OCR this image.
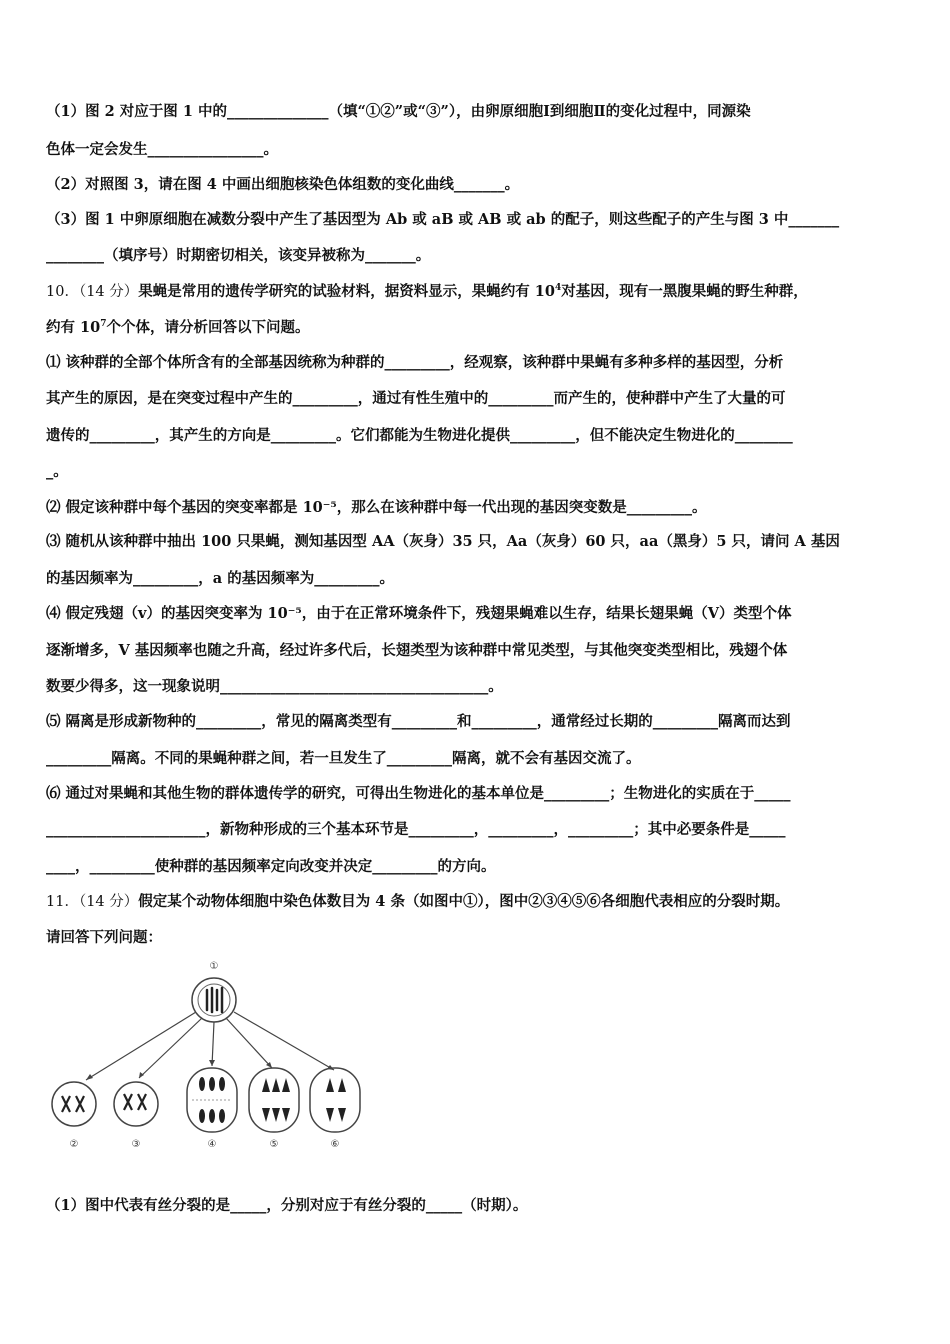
（1）图 2 对应于图 1 中的______________（填“①②”或“③”），由卵原细胞Ⅰ到细胞Ⅱ的变化过程中，同源染
色体一定会发生________________。
（2）对照图 3，请在图 4 中画出细胞核染色体组数的变化曲线_______。
（3）图 1 中卵原细胞在减数分裂中产生了基因型为 Ab 或 aB 或 AB 或 ab 的配子，则这些配子的产生与图 3 中_______
________（填序号）时期密切相关，该变异被称为_______。
10．（14 分）果蝇是常用的遗传学研究的试验材料，据资料显示，果蝇约有 $10^4$对基因，现有一黑腹果蝇的野生种群，
约有 $10^7$个个体，请分析回答以下问题。
⑴ 该种群的全部个体所含有的全部基因统称为种群的_________，经观察，该种群中果蝇有多种多样的基因型，分析
其产生的原因，是在突变过程中产生的_________，通过有性生殖中的_________而产生的，使种群中产生了大量的可
遗传的_________，其产生的方向是_________。它们都能为生物进化提供_________，但不能决定生物进化的________
_。
⑵ 假定该种群中每个基因的突变率都是 10⁻⁵，那么在该种群中每一代出现的基因突变数是_________。
⑶ 随机从该种群中抽出 100 只果蝇，测知基因型 AA（灰身）35 只，Aa（灰身）60 只，aa（黑身）5 只，请问 A 基因
的基因频率为_________，a 的基因频率为_________。
⑷ 假定残翅（v）的基因突变率为 10⁻⁵，由于在正常环境条件下，残翅果蝇难以生存，结果长翅果蝇（V）类型个体
逐渐增多，V 基因频率也随之升高，经过许多代后，长翅类型为该种群中常见类型，与其他突变类型相比，残翅个体
数要少得多，这一现象说明_____________________________________。
⑸ 隔离是形成新物种的_________，常见的隔离类型有_________和_________，通常经过长期的_________隔离而达到
_________隔离。不同的果蝇种群之间，若一旦发生了_________隔离，就不会有基因交流了。
⑹ 通过对果蝇和其他生物的群体遗传学的研究，可得出生物进化的基本单位是_________；生物进化的实质在于_____
______________________，新物种形成的三个基本环节是_________，_________，_________；其中必要条件是_____
____，_________使种群的基因频率定向改变并决定_________的方向。
11．（14 分）假定某个动物体细胞中染色体数目为 4 条（如图中①），图中②③④⑤⑥各细胞代表相应的分裂时期。
请回答下列问题：
①
②	③	④	⑤	⑥
（1）图中代表有丝分裂的是_____，分别对应于有丝分裂的_____（时期）。
